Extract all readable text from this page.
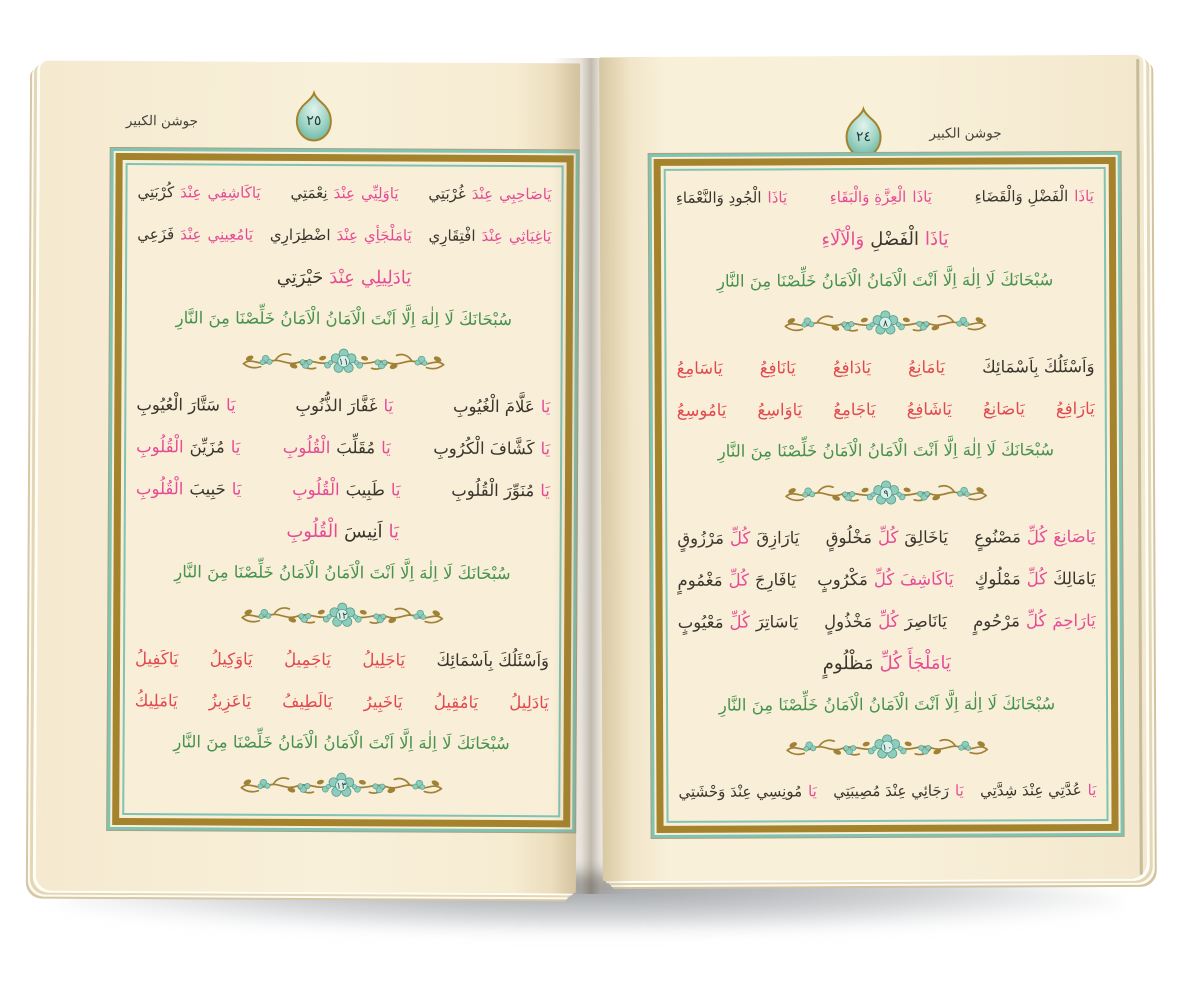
جوشن الكبير	٢٥
يَاصَاحِبِي
عِنْدَ
غُرْبَتِي
يَاوَلِيِّي
عِنْدَ
نِعْمَتِي
يَاكَاشِفِي
عِنْدَ
كُرْبَتِي
يَاغِيَاثِي
عِنْدَ
افْتِقَارِي
يَامَلْجَأِي
عِنْدَ
اضْطِرَارِي
يَامُعِينِي
عِنْدَ
فَزَعِي
يَادَلِيلِي
عِنْدَ
حَيْرَتِي
سُبْحَانَكَ لَا اِلٰهَ اِلَّا اَنْتَ الْاَمَانُ الْاَمَانُ خَلِّصْنَا مِنَ النَّارِ
١١
يَا
عَلَّامَ الْغُيُوبِ
يَا
غَفَّارَ الذُّنُوبِ
يَا
سَتَّارَ الْعُيُوبِ
يَا
كَشَّافَ الْكُرُوبِ
يَا
مُقَلِّبَ
الْقُلُوبِ
يَا
مُزَيِّنَ
الْقُلُوبِ
يَا
مُنَوِّرَ الْقُلُوبِ
يَا
طَبِيبَ
الْقُلُوبِ
يَا
حَبِيبَ
الْقُلُوبِ
يَا
اَنِيسَ
الْقُلُوبِ
سُبْحَانَكَ لَا اِلٰهَ اِلَّا اَنْتَ الْاَمَانُ الْاَمَانُ خَلِّصْنَا مِنَ النَّارِ
١٢
وَاَسْئَلُكَ بِاَسْمَائِكَ
يَاجَلِيلُ
يَاجَمِيلُ
يَاوَكِيلُ
يَاكَفِيلُ
يَادَلِيلُ
يَامُقِيلُ
يَاخَبِيرُ
يَالَطِيفُ
يَاعَزِيزُ
يَامَلِيكُ
سُبْحَانَكَ لَا اِلٰهَ اِلَّا اَنْتَ الْاَمَانُ الْاَمَانُ خَلِّصْنَا مِنَ النَّارِ
١٣
جوشن الكبير
٢٤
يَاذَا
الْفَضْلِ وَالْقَضَاءِ
يَاذَا
الْعِزَّةِ وَالْبَقَاءِ
يَاذَا
الْجُودِ وَالنَّعْمَاءِ
يَاذَا
الْفَضْلِ
وَالْآلَاءِ
سُبْحَانَكَ لَا اِلٰهَ اِلَّا اَنْتَ الْاَمَانُ الْاَمَانُ خَلِّصْنَا مِنَ النَّارِ
٨
وَاَسْئَلُكَ بِاَسْمَائِكَ
يَامَانِعُ
يَادَافِعُ
يَانَافِعُ
يَاسَامِعُ
يَارَافِعُ
يَاصَانِعُ
يَاشَافِعُ
يَاجَامِعُ
يَاوَاسِعُ
يَامُوسِعُ
سُبْحَانَكَ لَا اِلٰهَ اِلَّا اَنْتَ الْاَمَانُ الْاَمَانُ خَلِّصْنَا مِنَ النَّارِ
٩
يَاصَانِعَ
كُلِّ
مَصْنُوعٍ
يَاخَالِقَ
كُلِّ
مَخْلُوقٍ
يَارَازِقَ
كُلِّ
مَرْزُوقٍ
يَامَالِكَ
كُلِّ
مَمْلُوكٍ
يَاكَاشِفَ
كُلِّ
مَكْرُوبٍ
يَافَارِجَ
كُلِّ
مَغْمُومٍ
يَارَاحِمَ
كُلِّ
مَرْحُومٍ
يَانَاصِرَ
كُلِّ
مَخْذُولٍ
يَاسَاتِرَ
كُلِّ
مَعْيُوبٍ
يَامَلْجَأَ
كُلِّ
مَظْلُومٍ
سُبْحَانَكَ لَا اِلٰهَ اِلَّا اَنْتَ الْاَمَانُ الْاَمَانُ خَلِّصْنَا مِنَ النَّارِ
١٠
يَا
عُدَّتِي عِنْدَ شِدَّتِي
يَا
رَجَائِي عِنْدَ مُصِيبَتِي
يَا
مُونِسِي عِنْدَ وَحْشَتِي
